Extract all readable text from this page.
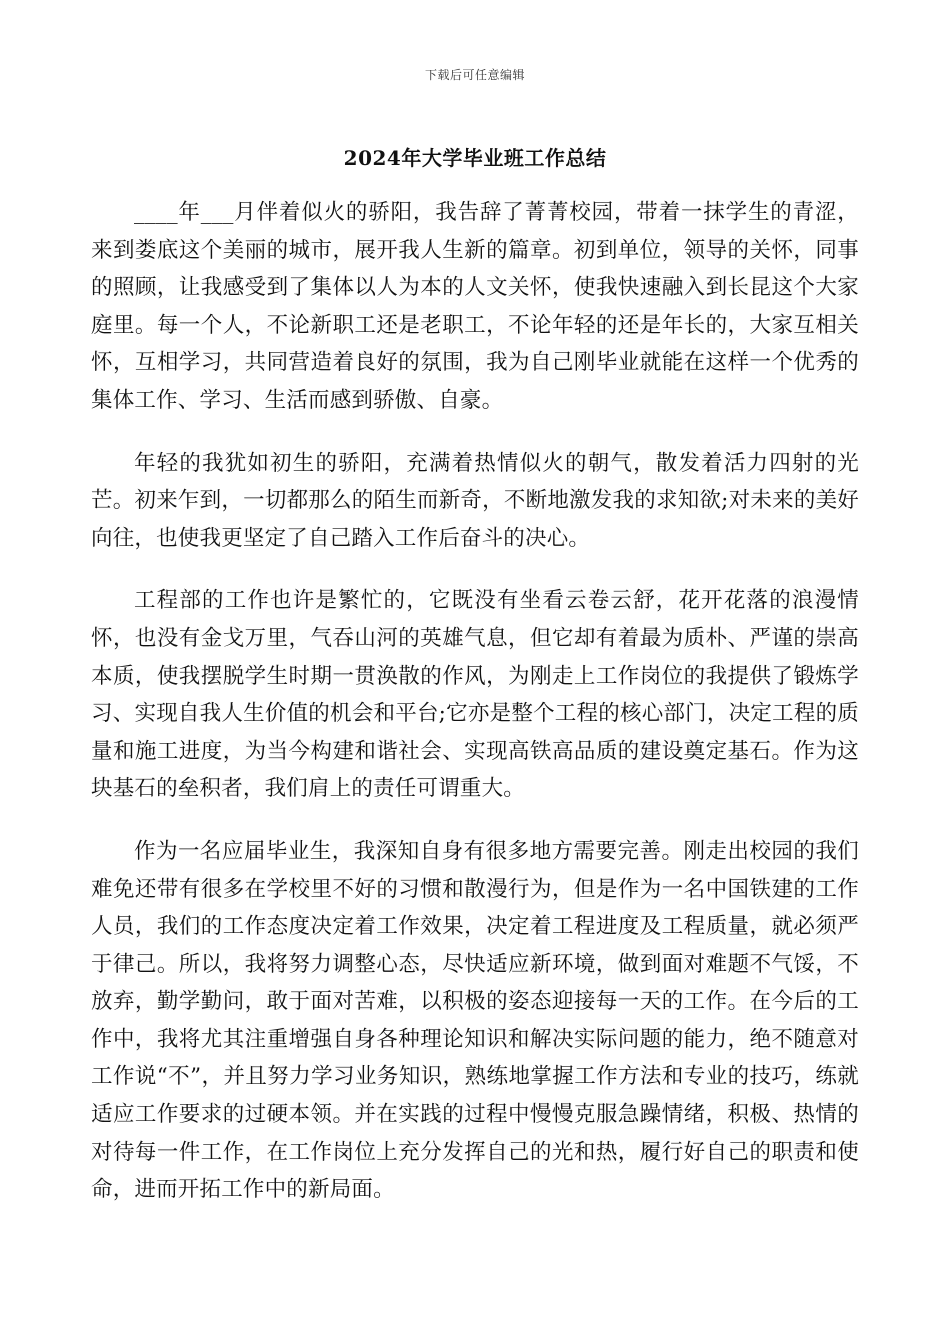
下载后可任意编辑
2024年大学毕业班工作总结

____年___月伴着似火的骄阳，我告辞了菁菁校园，带着一抹学生的青涩，来到娄底这个美丽的城市，展开我人生新的篇章。初到单位，领导的关怀，同事的照顾，让我感受到了集体以人为本的人文关怀，使我快速融入到长昆这个大家庭里。每一个人，不论新职工还是老职工，不论年轻的还是年长的，大家互相关怀，互相学习，共同营造着良好的氛围，我为自己刚毕业就能在这样一个优秀的集体工作、学习、生活而感到骄傲、自豪。

年轻的我犹如初生的骄阳，充满着热情似火的朝气，散发着活力四射的光芒。初来乍到，一切都那么的陌生而新奇，不断地激发我的求知欲;对未来的美好向往，也使我更坚定了自己踏入工作后奋斗的决心。

工程部的工作也许是繁忙的，它既没有坐看云卷云舒，花开花落的浪漫情怀，也没有金戈万里，气吞山河的英雄气息，但它却有着最为质朴、严谨的崇高本质，使我摆脱学生时期一贯涣散的作风，为刚走上工作岗位的我提供了锻炼学习、实现自我人生价值的机会和平台;它亦是整个工程的核心部门，决定工程的质量和施工进度，为当今构建和谐社会、实现高铁高品质的建设奠定基石。作为这块基石的垒积者，我们肩上的责任可谓重大。

作为一名应届毕业生，我深知自身有很多地方需要完善。刚走出校园的我们难免还带有很多在学校里不好的习惯和散漫行为，但是作为一名中国铁建的工作人员，我们的工作态度决定着工作效果，决定着工程进度及工程质量，就必须严于律己。所以，我将努力调整心态，尽快适应新环境，做到面对难题不气馁，不放弃，勤学勤问，敢于面对苦难，以积极的姿态迎接每一天的工作。在今后的工作中，我将尤其注重增强自身各种理论知识和解决实际问题的能力，绝不随意对工作说“不”，并且努力学习业务知识，熟练地掌握工作方法和专业的技巧，练就适应工作要求的过硬本领。并在实践的过程中慢慢克服急躁情绪，积极、热情的对待每一件工作，在工作岗位上充分发挥自己的光和热，履行好自己的职责和使命，进而开拓工作中的新局面。
